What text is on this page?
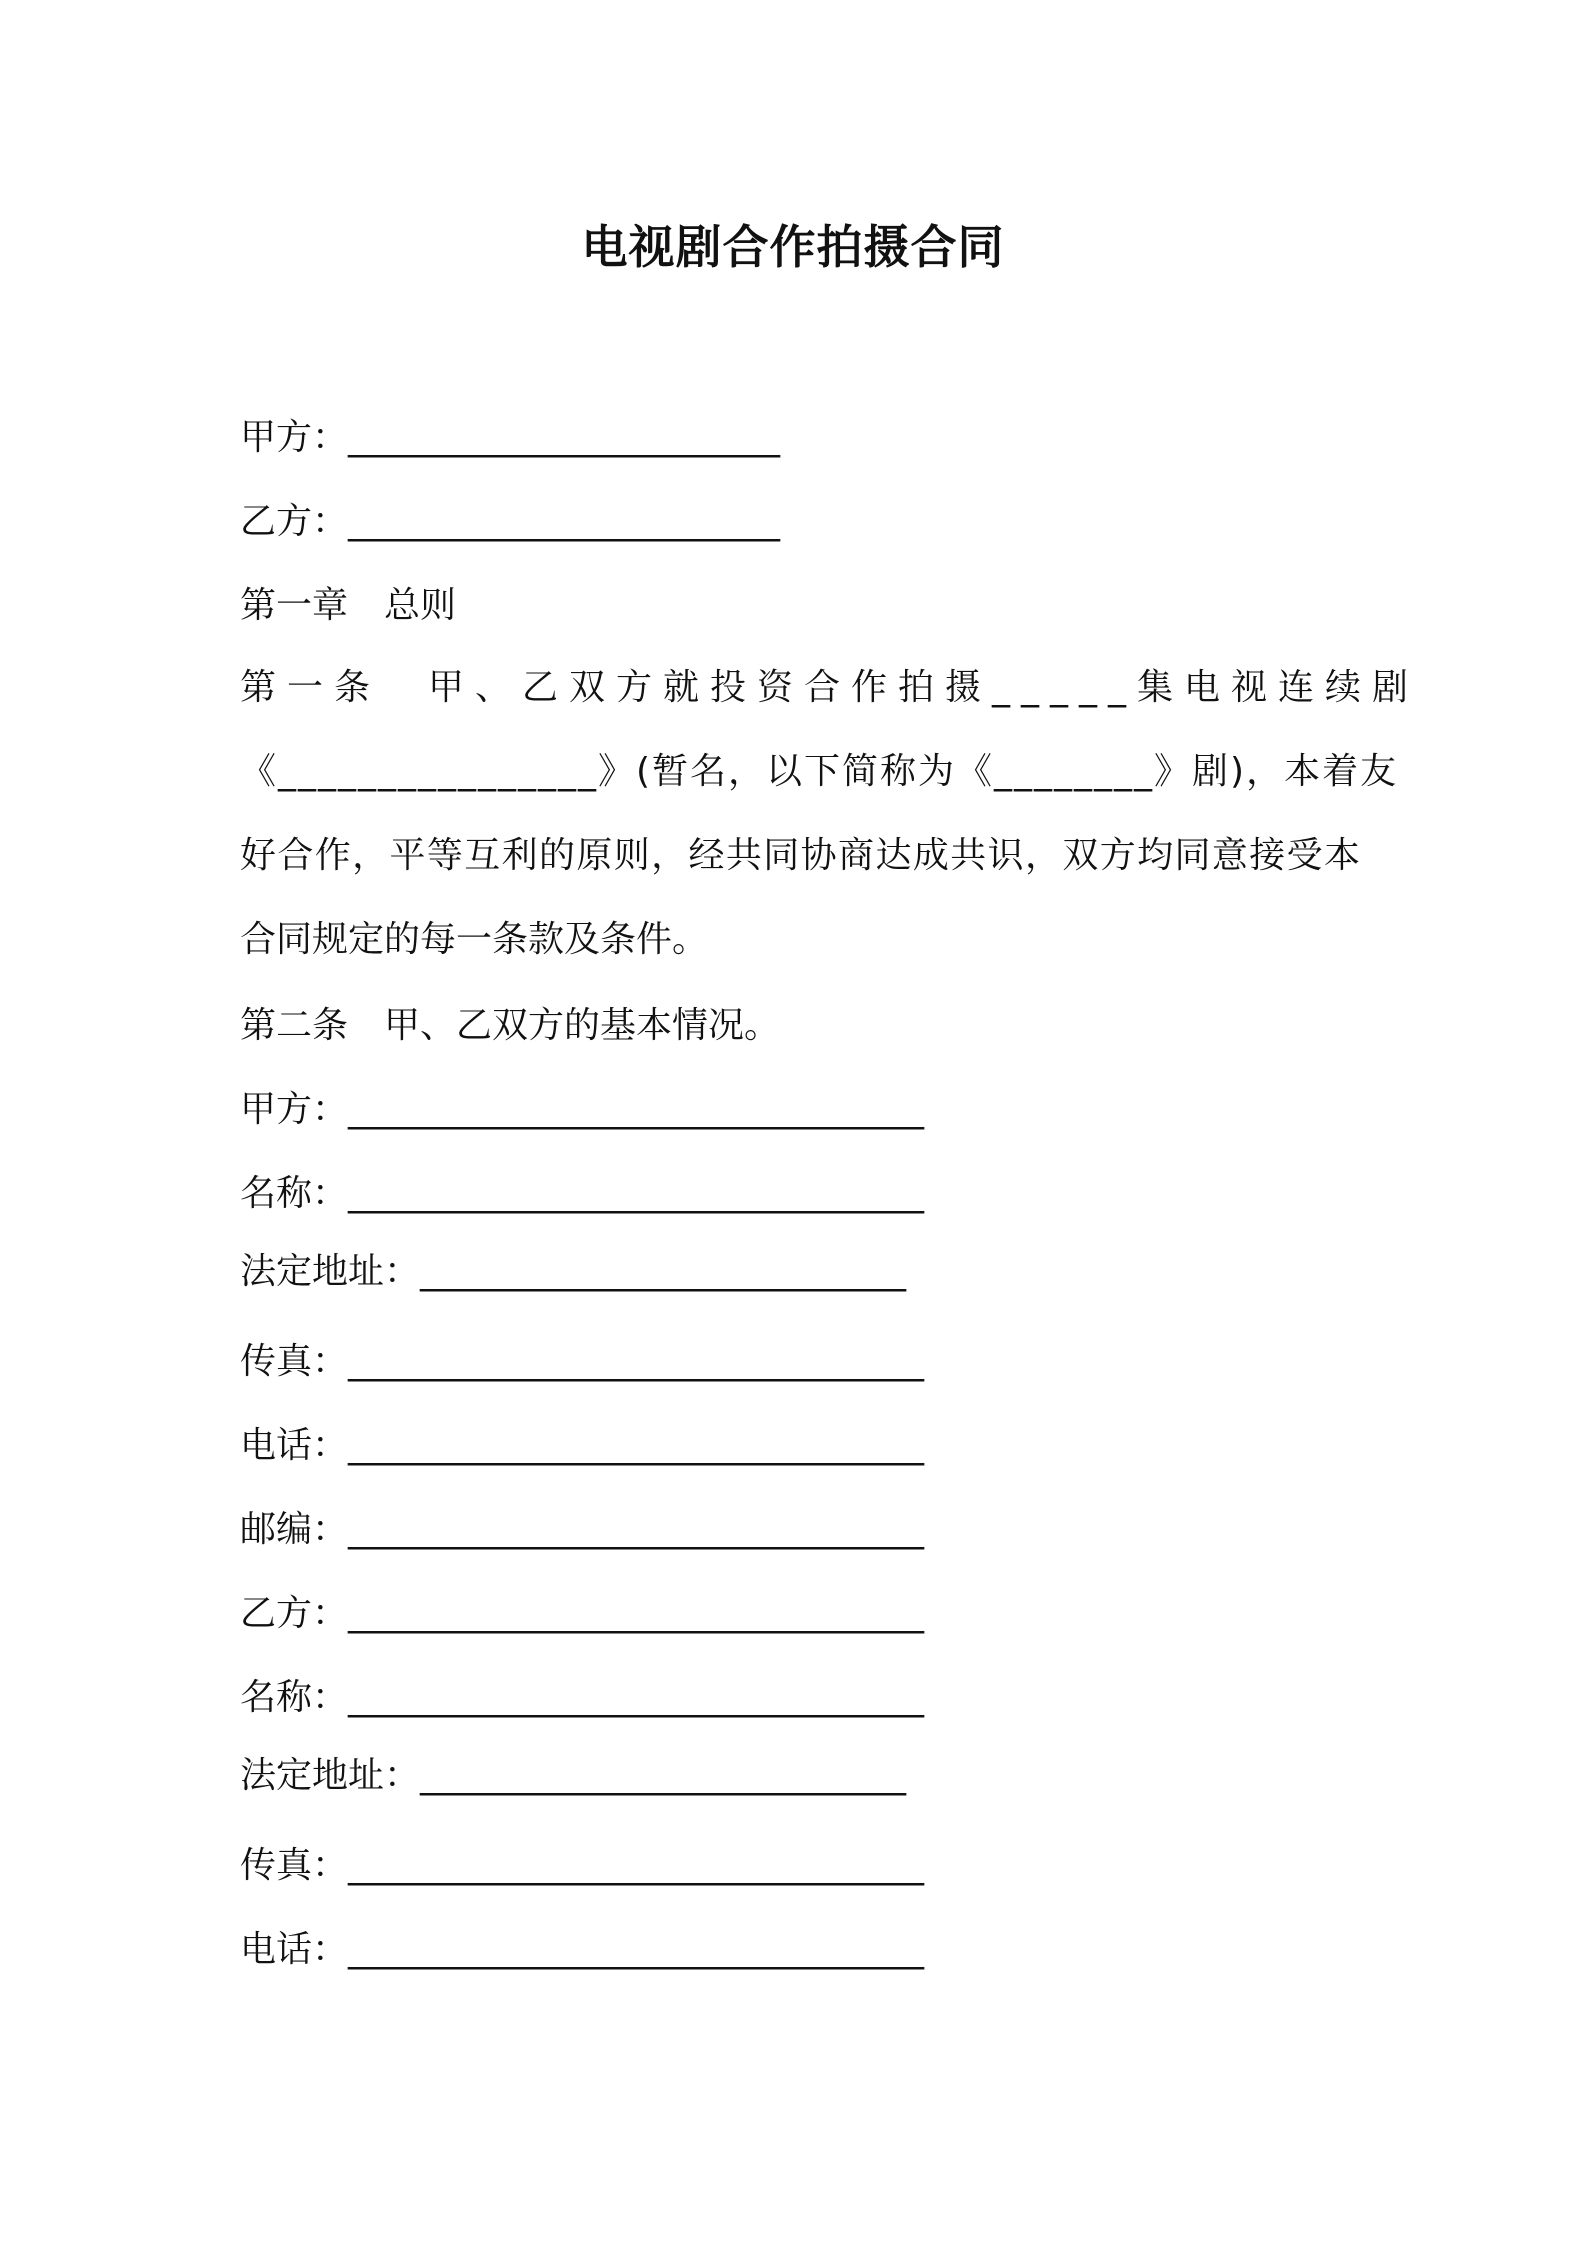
电视剧合作拍摄合同
甲方：________________________
乙方：________________________
第一章　总则
第一条　甲、乙双方就投资合作拍摄_____集电视连续剧
《________________》(暂名，以下简称为《________》剧)，本着友
好合作，平等互利的原则，经共同协商达成共识，双方均同意接受本
合同规定的每一条款及条件。
第二条　甲、乙双方的基本情况。
甲方：________________________________
名称：________________________________
法定地址：___________________________
传真：________________________________
电话：________________________________
邮编：________________________________
乙方：________________________________
名称：________________________________
法定地址：___________________________
传真：________________________________
电话：________________________________
